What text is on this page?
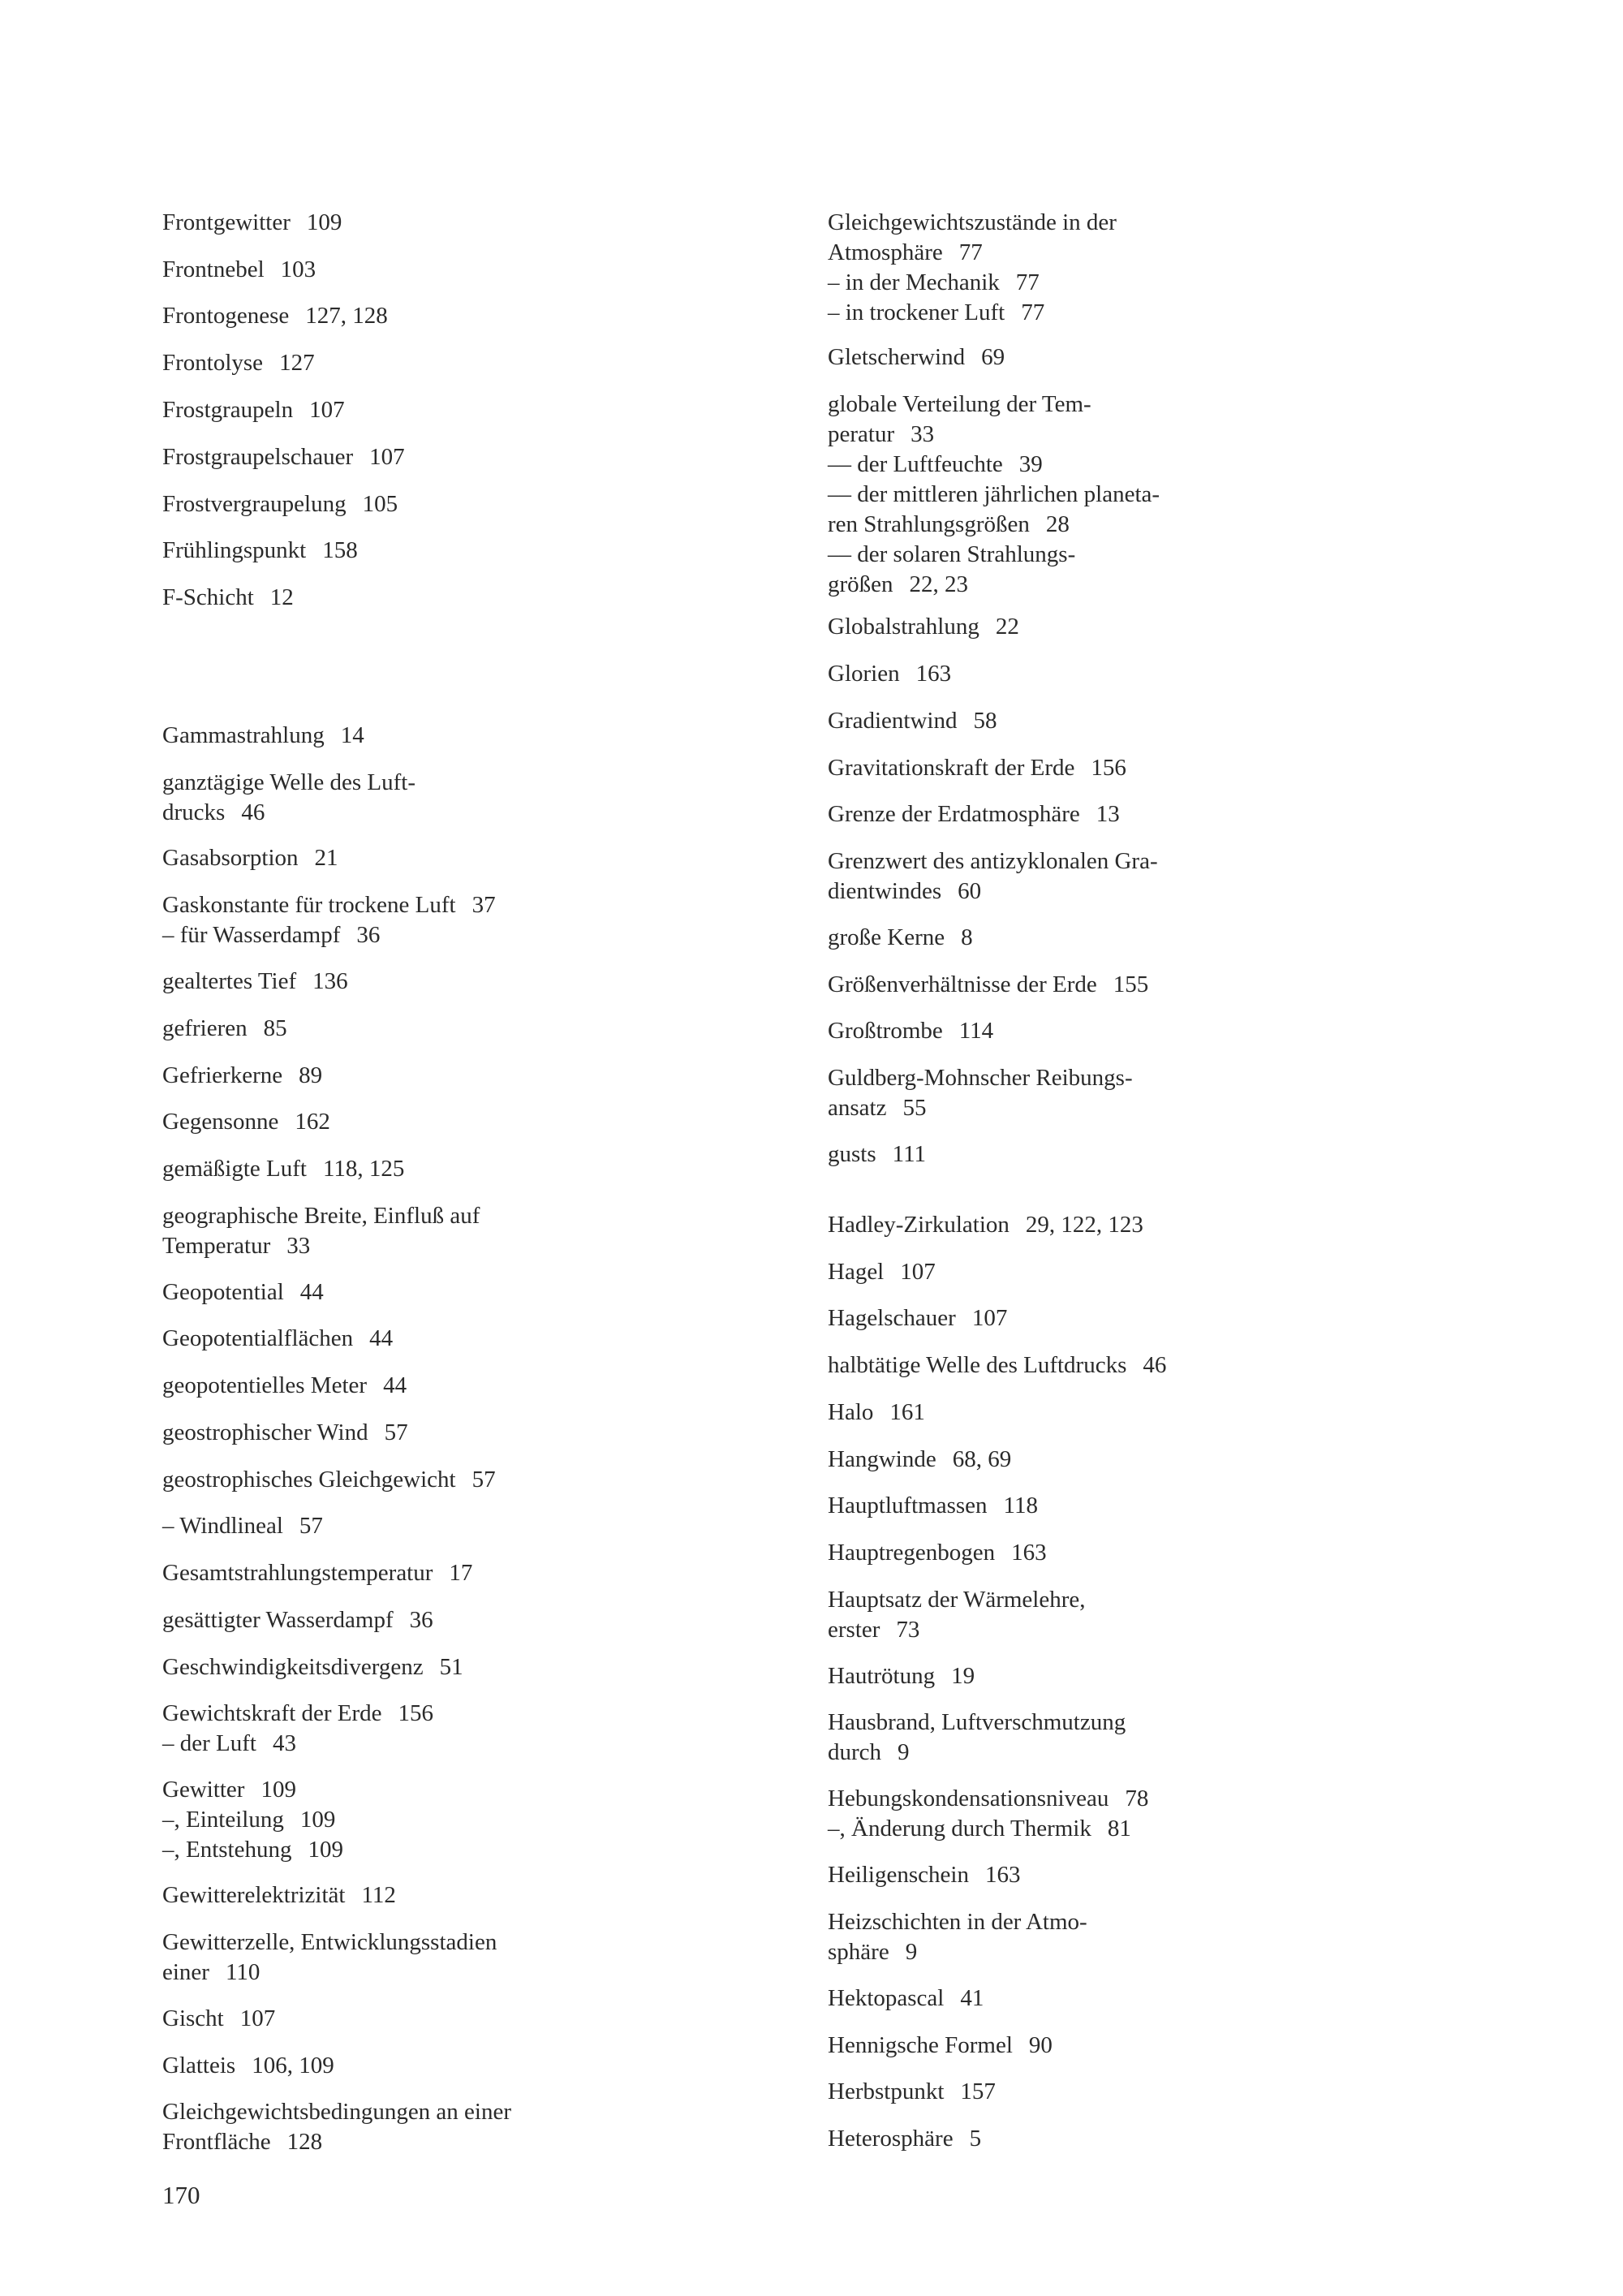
Frontgewitter 109
Frontnebel 103
Frontogenese 127, 128
Frontolyse 127
Frostgraupeln 107
Frostgraupelschauer 107
Frostvergraupelung 105
Frühlingspunkt 158
F-Schicht 12
Gammastrahlung 14
ganztägige Welle des Luft-
drucks 46
Gasabsorption 21
Gaskonstante für trockene Luft 37
– für Wasserdampf 36
gealtertes Tief 136
gefrieren 85
Gefrierkerne 89
Gegensonne 162
gemäßigte Luft 118, 125
geographische Breite, Einfluß auf
Temperatur 33
Geopotential 44
Geopotentialflächen 44
geopotentielles Meter 44
geostrophischer Wind 57
geostrophisches Gleichgewicht 57
– Windlineal 57
Gesamtstrahlungstemperatur 17
gesättigter Wasserdampf 36
Geschwindigkeitsdivergenz 51
Gewichtskraft der Erde 156
– der Luft 43
Gewitter 109
–, Einteilung 109
–, Entstehung 109
Gewitterelektrizität 112
Gewitterzelle, Entwicklungsstadien
einer 110
Gischt 107
Glatteis 106, 109
Gleichgewichtsbedingungen an einer
Frontfläche 128
Gleichgewichtszustände in der
Atmosphäre 77
– in der Mechanik 77
– in trockener Luft 77
Gletscherwind 69
globale Verteilung der Tem-
peratur 33
–– der Luftfeuchte 39
–– der mittleren jährlichen planeta-
ren Strahlungsgrößen 28
–– der solaren Strahlungs-
größen 22, 23
Globalstrahlung 22
Glorien 163
Gradientwind 58
Gravitationskraft der Erde 156
Grenze der Erdatmosphäre 13
Grenzwert des antizyklonalen Gra-
dientwindes 60
große Kerne 8
Größenverhältnisse der Erde 155
Großtrombe 114
Guldberg-Mohnscher Reibungs-
ansatz 55
gusts 111
Hadley-Zirkulation 29, 122, 123
Hagel 107
Hagelschauer 107
halbtätige Welle des Luftdrucks 46
Halo 161
Hangwinde 68, 69
Hauptluftmassen 118
Hauptregenbogen 163
Hauptsatz der Wärmelehre,
erster 73
Hautrötung 19
Hausbrand, Luftverschmutzung
durch 9
Hebungskondensationsniveau 78
–, Änderung durch Thermik 81
Heiligenschein 163
Heizschichten in der Atmo-
sphäre 9
Hektopascal 41
Hennigsche Formel 90
Herbstpunkt 157
Heterosphäre 5
170
